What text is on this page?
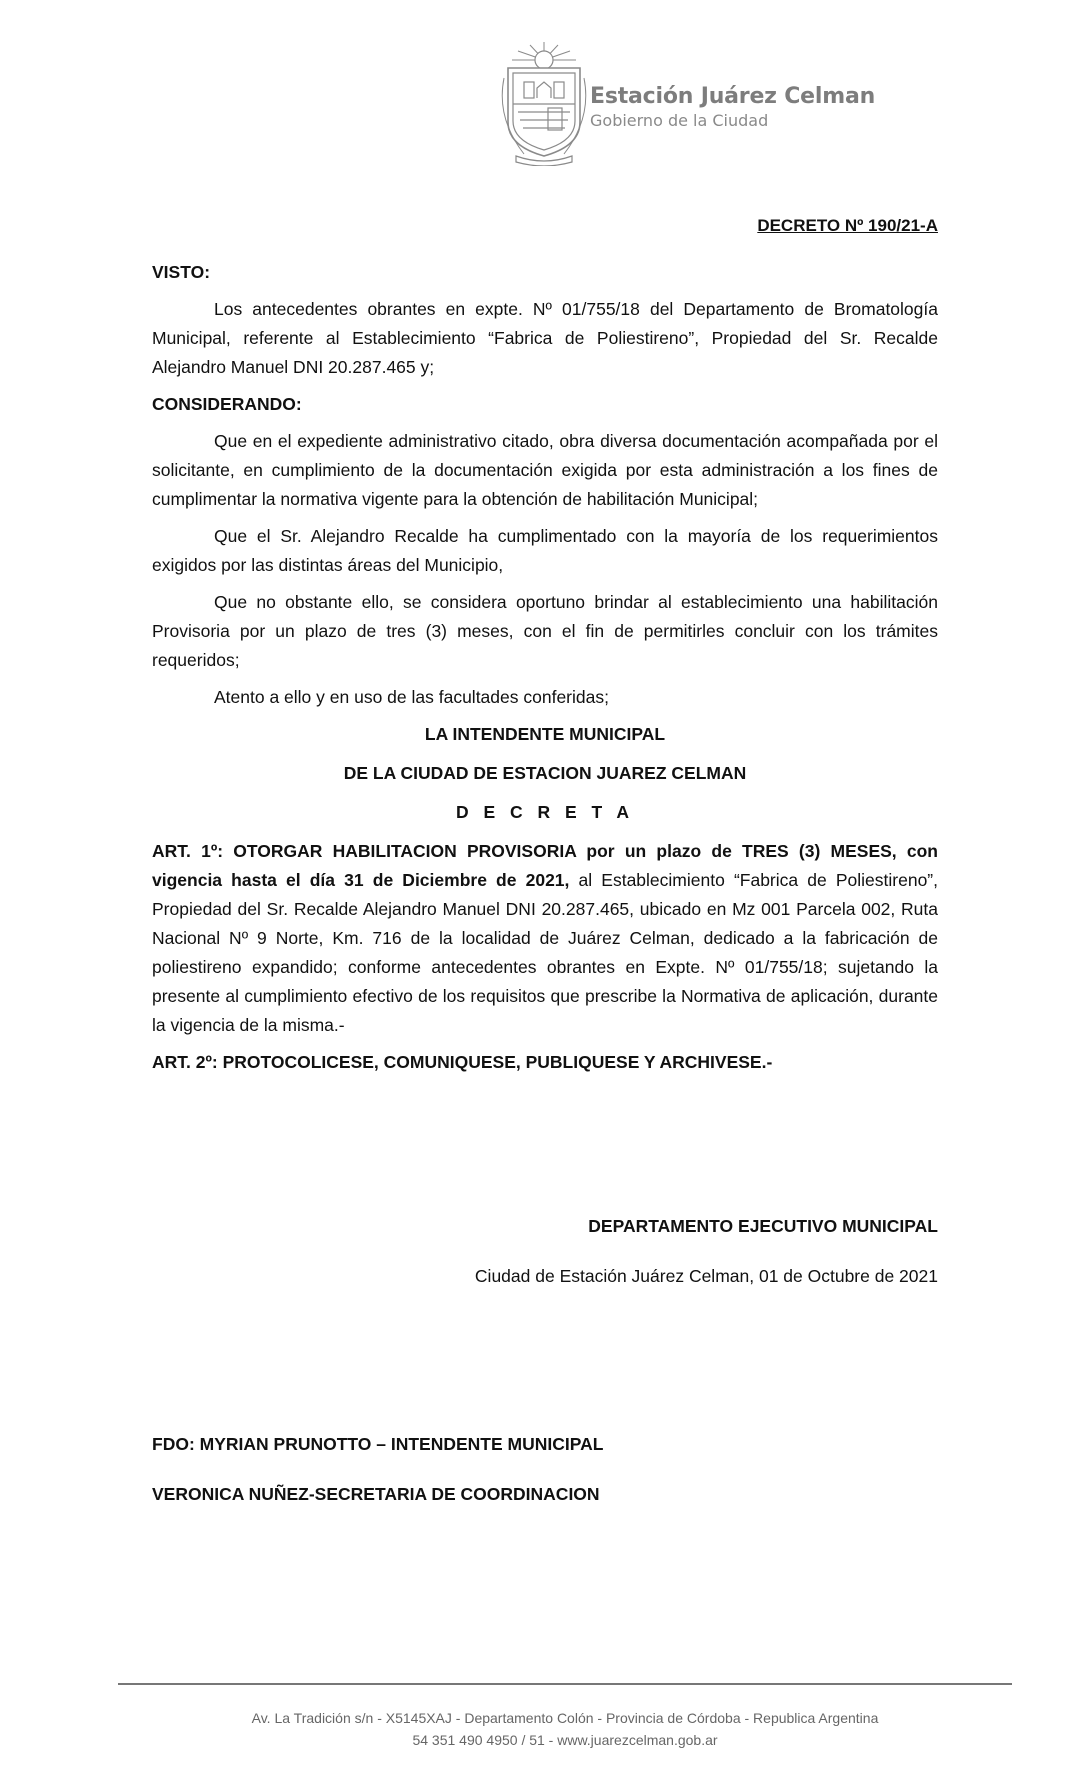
Estación Juárez Celman
Gobierno de la Ciudad
DECRETO Nº 190/21-A

VISTO:

Los antecedentes obrantes en expte. Nº 01/755/18 del Departamento de Bromatología Municipal, referente al Establecimiento “Fabrica de Poliestireno”, Propiedad del Sr. Recalde Alejandro Manuel DNI 20.287.465 y;

CONSIDERANDO:

Que en el expediente administrativo citado, obra diversa documentación acompañada por el solicitante, en cumplimiento de la documentación exigida por esta administración a los fines de cumplimentar la normativa vigente para la obtención de habilitación Municipal;

Que el Sr. Alejandro Recalde ha cumplimentado con la mayoría de los requerimientos exigidos por las distintas áreas del Municipio,

Que no obstante ello, se considera oportuno brindar al establecimiento una habilitación Provisoria por un plazo de tres (3) meses, con el fin de permitirles concluir con los trámites requeridos;

Atento a ello y en uso de las facultades conferidas;

LA INTENDENTE MUNICIPAL

DE LA CIUDAD DE ESTACION JUAREZ CELMAN

D E C R E T A

ART. 1º: OTORGAR HABILITACION PROVISORIA por un plazo de TRES (3) MESES, con vigencia hasta el día 31 de Diciembre de 2021, al Establecimiento “Fabrica de Poliestireno”, Propiedad del Sr. Recalde Alejandro Manuel DNI 20.287.465, ubicado en Mz 001 Parcela 002, Ruta Nacional Nº 9 Norte, Km. 716 de la localidad de Juárez Celman, dedicado a la fabricación de poliestireno expandido; conforme antecedentes obrantes en Expte. Nº 01/755/18; sujetando la presente al cumplimiento efectivo de los requisitos que prescribe la Normativa de aplicación, durante la vigencia de la misma.-

ART. 2º: PROTOCOLICESE, COMUNIQUESE, PUBLIQUESE Y ARCHIVESE.-

DEPARTAMENTO EJECUTIVO MUNICIPAL
Ciudad de Estación Juárez Celman, 01 de Octubre de 2021
FDO: MYRIAN PRUNOTTO – INTENDENTE MUNICIPAL
VERONICA NUÑEZ-SECRETARIA DE COORDINACION
Av. La Tradición s/n - X5145XAJ - Departamento Colón - Provincia de Córdoba - Republica Argentina
54 351 490 4950 / 51 - www.juarezcelman.gob.ar
